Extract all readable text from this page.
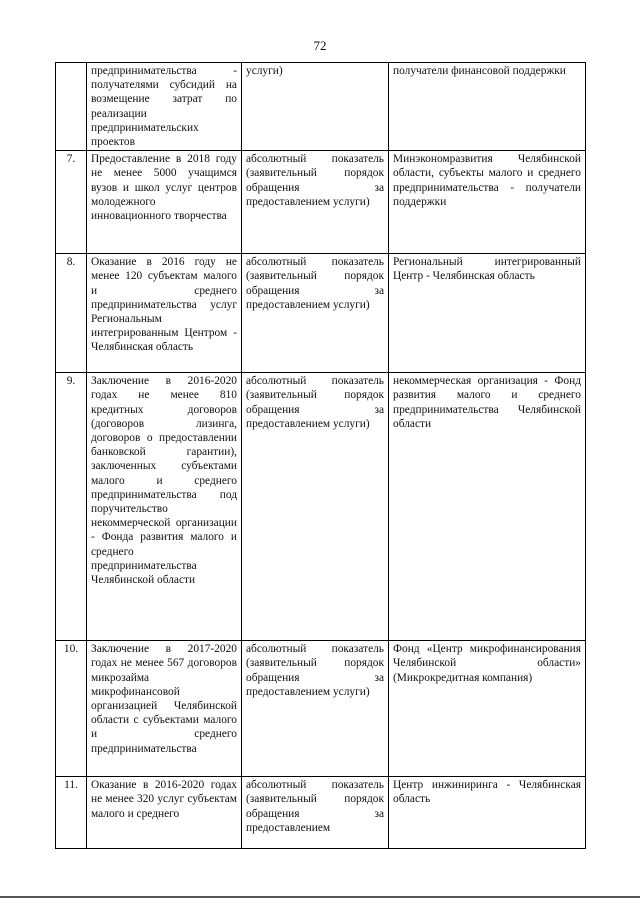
72
	предпринимательства - получателями субсидий на возмещение затрат по реализации предпринимательских проектов	услуги)	получатели финансовой поддержки
7.	Предоставление в 2018 году не менее 5000 учащимся вузов и школ услуг центров молодежного инновационного творчества	абсолютный показатель (заявительный порядок обращения за предоставлением услуги)	Минэкономразвития Челябинской области, субъекты малого и среднего предпринимательства - получатели поддержки
8.	Оказание в 2016 году не менее 120 субъектам малого и среднего предпринимательства услуг Региональным интегрированным Центром - Челябинская область	абсолютный показатель (заявительный порядок обращения за предоставлением услуги)	Региональный интегрированный Центр - Челябинская область
9.	Заключение в 2016-2020 годах не менее 810 кредитных договоров (договоров лизинга, договоров о предоставлении банковской гарантии), заключенных субъектами малого и среднего предпринимательства под поручительство некоммерческой организации - Фонда развития малого и среднего предпринимательства Челябинской области	абсолютный показатель (заявительный порядок обращения за предоставлением услуги)	некоммерческая организация - Фонд развития малого и среднего предпринимательства Челябинской области
10.	Заключение в 2017-2020 годах не менее 567 договоров микрозайма микрофинансовой организацией Челябинской области с субъектами малого и среднего предпринимательства	абсолютный показатель (заявительный порядок обращения за предоставлением услуги)	Фонд «Центр микрофинансирования Челябинской области» (Микрокредитная компания)
11.	Оказание в 2016-2020 годах не менее 320 услуг субъектам малого и среднего	абсолютный показатель (заявительный порядок обращения за предоставлением	Центр инжиниринга - Челябинская область
